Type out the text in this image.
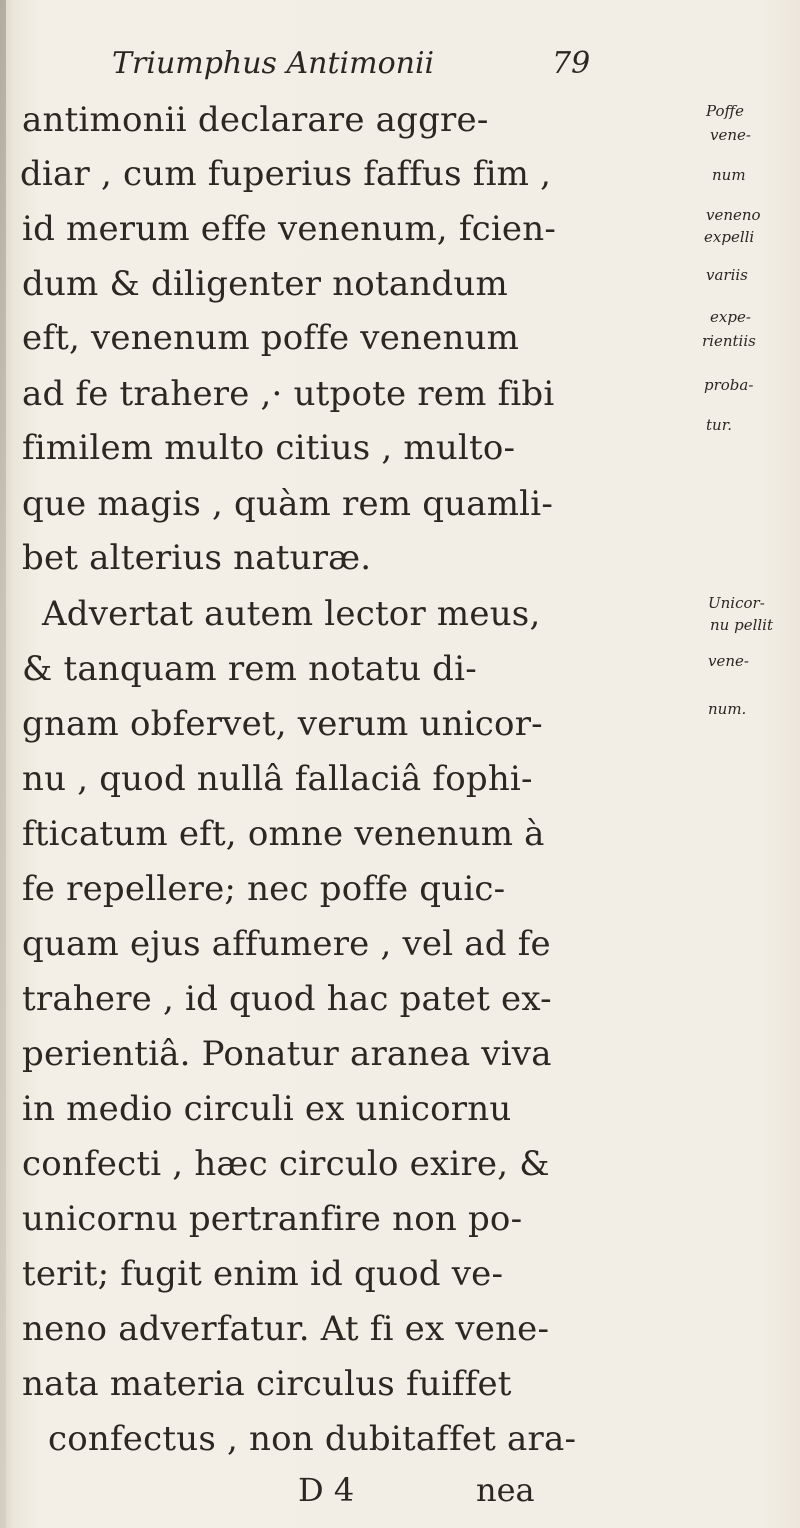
Triumphus Antimonii	79
antimonii declarare aggre-
diar , cum fuperius faffus fim ,
id merum effe venenum, fcien-
dum & diligenter notandum
eft, venenum poffe venenum
ad fe trahere ,· utpote rem fibi
fimilem multo citius , multo-
que magis , quàm rem quamli-
bet alterius naturæ.
Advertat autem lector meus,
& tanquam rem notatu di-
gnam obfervet, verum unicor-
nu , quod nullâ fallaciâ fophi-
fticatum eft, omne venenum à
fe repellere; nec poffe quic-
quam ejus affumere , vel ad fe
trahere , id quod hac patet ex-
perientiâ. Ponatur aranea viva
in medio circuli ex unicornu
confecti , hæc circulo exire, &
unicornu pertranfire non po-
terit; fugit enim id quod ve-
neno adverfatur. At fi ex vene-
nata materia circulus fuiffet
confectus , non dubitaffet ara-
Poffe
vene-
num
veneno
expelli
variis
expe-
rientiis
proba-
tur.
Unicor-
nu pellit
vene-
num.
D 4	nea
